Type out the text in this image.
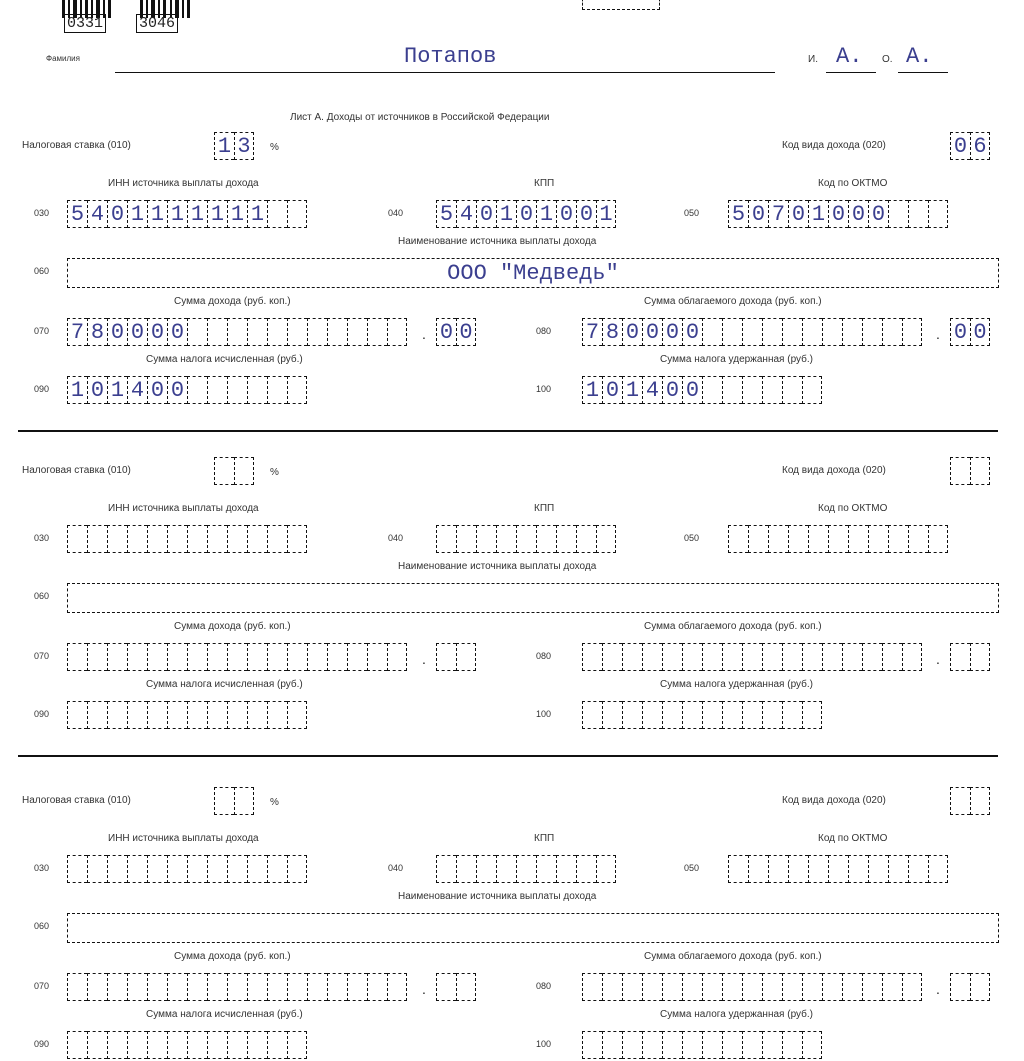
0331 3046
Фамилия	Потапов	И. А. О. А.
Лист А. Доходы от источников в Российской Федерации
Налоговая ставка (010)	1 3	%	Код вида дохода (020)	0 6
ИНН источника выплаты дохода	КПП	Код по ОКТМО
030 5 4 0 1 1 1 1 1 1 1	040 5 4 0 1 0 1 0 0 1	050 5 0 7 0 1 0 0 0
Наименование источника выплаты дохода
060	ООО "Медведь"
Сумма дохода (руб. коп.)	Сумма облагаемого дохода (руб. коп.)
070 7 8 0 0 0 0	. 0 0	080 7 8 0 0 0 0	. 0 0
Сумма налога исчисленная (руб.)	Сумма налога удержанная (руб.)
090 1 0 1 4 0 0	100 1 0 1 4 0 0
Налоговая ставка (010)	%	Код вида дохода (020)
ИНН источника выплаты дохода	КПП	Код по ОКТМО
030	040	050
Наименование источника выплаты дохода
060
Сумма дохода (руб. коп.)	Сумма облагаемого дохода (руб. коп.)
070	.	080	.
Сумма налога исчисленная (руб.)	Сумма налога удержанная (руб.)
090	100
Налоговая ставка (010)	%	Код вида дохода (020)
ИНН источника выплаты дохода	КПП	Код по ОКТМО
030	040	050
Наименование источника выплаты дохода
060
Сумма дохода (руб. коп.)	Сумма облагаемого дохода (руб. коп.)
070	.	080	.
Сумма налога исчисленная (руб.)	Сумма налога удержанная (руб.)
090	100
